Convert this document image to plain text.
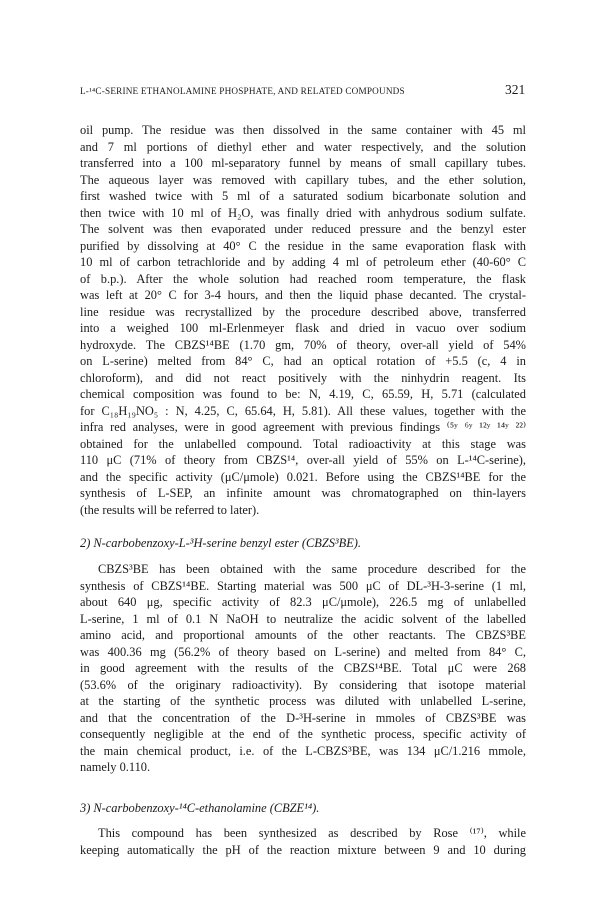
L-¹⁴C-SERINE ETHANOLAMINE PHOSPHATE, AND RELATED COMPOUNDS	321

oil pump. The residue was then dissolved in the same container with 45 ml
and 7 ml portions of diethyl ether and water respectively, and the solution
transferred into a 100 ml-separatory funnel by means of small capillary tubes.
The aqueous layer was removed with capillary tubes, and the ether solution,
first washed twice with 5 ml of a saturated sodium bicarbonate solution and
then twice with 10 ml of H₂O, was finally dried with anhydrous sodium sulfate.
The solvent was then evaporated under reduced pressure and the benzyl ester
purified by dissolving at 40° C the residue in the same evaporation flask with
10 ml of carbon tetrachloride and by adding 4 ml of petroleum ether (40-60° C
of b.p.). After the whole solution had reached room temperature, the flask
was left at 20° C for 3-4 hours, and then the liquid phase decanted. The crystal-
line residue was recrystallized by the procedure described above, transferred
into a weighed 100 ml-Erlenmeyer flask and dried in vacuo over sodium
hydroxyde. The CBZS¹⁴BE (1.70 gm, 70% of theory, over-all yield of 54%
on L-serine) melted from 84° C, had an optical rotation of +5.5 (c, 4 in
chloroform), and did not react positively with the ninhydrin reagent. Its
chemical composition was found to be: N, 4.19, C, 65.59, H, 5.71 (calculated
for C₁₈H₁₉NO₅ : N, 4.25, C, 65.64, H, 5.81). All these values, together with the
infra red analyses, were in good agreement with previous findings ⁽⁵ʸ ⁶ʸ ¹²ʸ ¹⁴ʸ ²²⁾
obtained for the unlabelled compound. Total radioactivity at this stage was
110 μC (71% of theory from CBZS¹⁴, over-all yield of 55% on L-¹⁴C-serine),
and the specific activity (μC/μmole) 0.021. Before using the CBZS¹⁴BE for the
synthesis of L-SEP, an infinite amount was chromatographed on thin-layers
(the results will be referred to later).

2) N-carbobenzoxy-L-³H-serine benzyl ester (CBZS³BE).

CBZS³BE has been obtained with the same procedure described for the
synthesis of CBZS¹⁴BE. Starting material was 500 μC of DL-³H-3-serine (1 ml,
about 640 μg, specific activity of 82.3 μC/μmole), 226.5 mg of unlabelled
L-serine, 1 ml of 0.1 N NaOH to neutralize the acidic solvent of the labelled
amino acid, and proportional amounts of the other reactants. The CBZS³BE
was 400.36 mg (56.2% of theory based on L-serine) and melted from 84° C,
in good agreement with the results of the CBZS¹⁴BE. Total μC were 268
(53.6% of the originary radioactivity). By considering that isotope material
at the starting of the synthetic process was diluted with unlabelled L-serine,
and that the concentration of the D-³H-serine in mmoles of CBZS³BE was
consequently negligible at the end of the synthetic process, specific activity of
the main chemical product, i.e. of the L-CBZS³BE, was 134 μC/1.216 mmole,
namely 0.110.

3) N-carbobenzoxy-¹⁴C-ethanolamine (CBZE¹⁴).

This compound has been synthesized as described by Rose ⁽¹⁷⁾, while
keeping automatically the pH of the reaction mixture between 9 and 10 during
